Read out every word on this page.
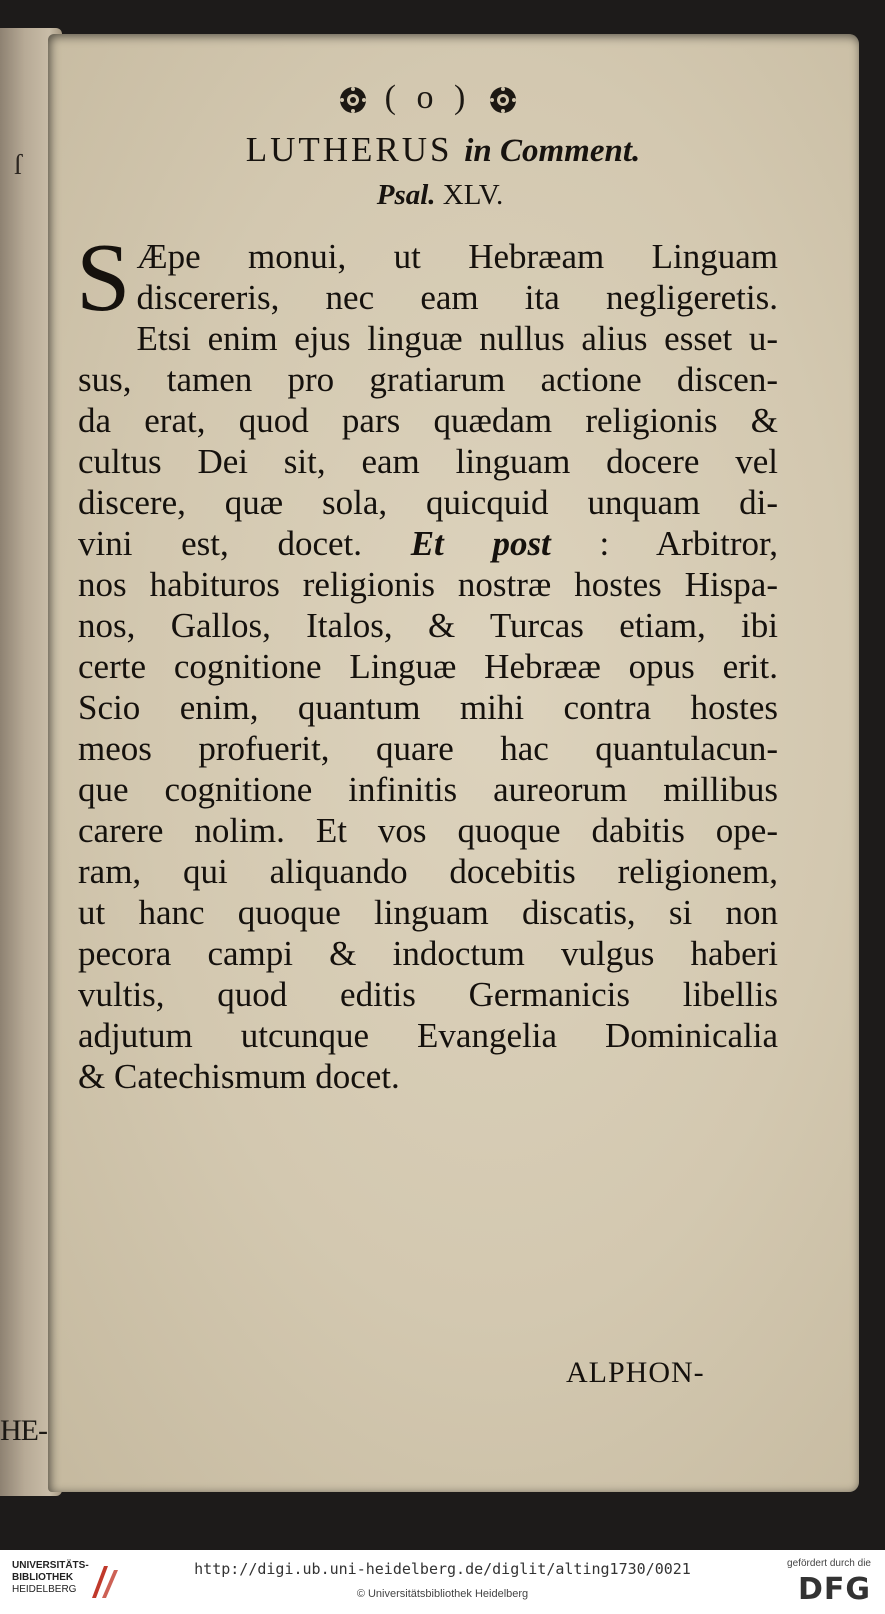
ſ
HE-
( o )
LUTHERUS in Comment.
Psal. XLV.
S Æpe monui, ut Hebræam Linguam
discereris, nec eam ita negligeretis.
Etsi enim ejus linguæ nullus alius esset u-
sus, tamen pro gratiarum actione discen-
da erat, quod pars quædam religionis &
cultus Dei sit, eam linguam docere vel
discere, quæ sola, quicquid unquam di-
vini est, docet. Et post : Arbitror,
nos habituros religionis nostræ hostes Hispa-
nos, Gallos, Italos, & Turcas etiam, ibi
certe cognitione Linguæ Hebrææ opus erit.
Scio enim, quantum mihi contra hostes
meos profuerit, quare hac quantulacun-
que cognitione infinitis aureorum millibus
carere nolim. Et vos quoque dabitis ope-
ram, qui aliquando docebitis religionem,
ut hanc quoque linguam discatis, si non
pecora campi & indoctum vulgus haberi
vultis, quod editis Germanicis libellis
adjutum utcunque Evangelia Dominicalia
& Catechismum docet.
ALPHON-
UNIVERSITÄTS-
BIBLIOTHEK
HEIDELBERG
http://digi.ub.uni-heidelberg.de/diglit/alting1730/0021
© Universitätsbibliothek Heidelberg
gefördert durch die
DFG
